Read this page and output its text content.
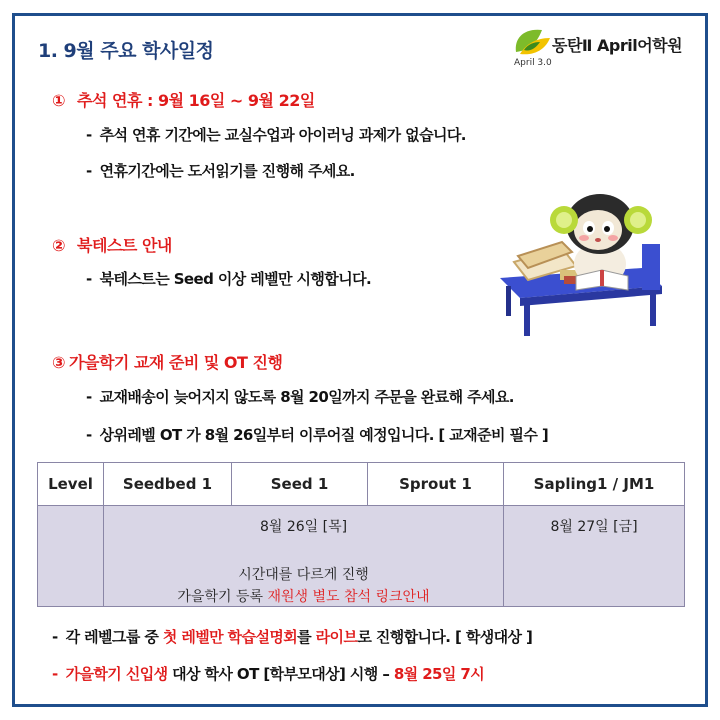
1. 9월 주요 학사일정	동탄Ⅱ April어학원
April 3.0
① 추석 연휴 : 9월 16일 ~ 9월 22일
- 추석 연휴 기간에는 교실수업과 아이러닝 과제가 없습니다.
- 연휴기간에는 도서읽기를 진행해 주세요.
② 북테스트 안내
- 북테스트는 Seed 이상 레벨만 시행합니다.
③ 가을학기 교재 준비 및 OT 진행
- 교재배송이 늦어지지 않도록 8월 20일까지 주문을 완료해 주세요.
- 상위레벨 OT 가 8월 26일부터 이루어질 예정입니다. [ 교재준비 필수 ]
Level	Seedbed 1	Seed 1	Sprout 1	Sapling1 / JM1

	8월 26일 [목]
시간대를 다르게 진행
가을학기 등록 재원생 별도 참석 링크안내			8월 27일 [금]
- 각 레벨그룹 중 첫 레벨만 학습설명회를 라이브로 진행합니다. [ 학생대상 ]
- 가을학기 신입생 대상 학사 OT [학부모대상] 시행 – 8월 25일 7시
